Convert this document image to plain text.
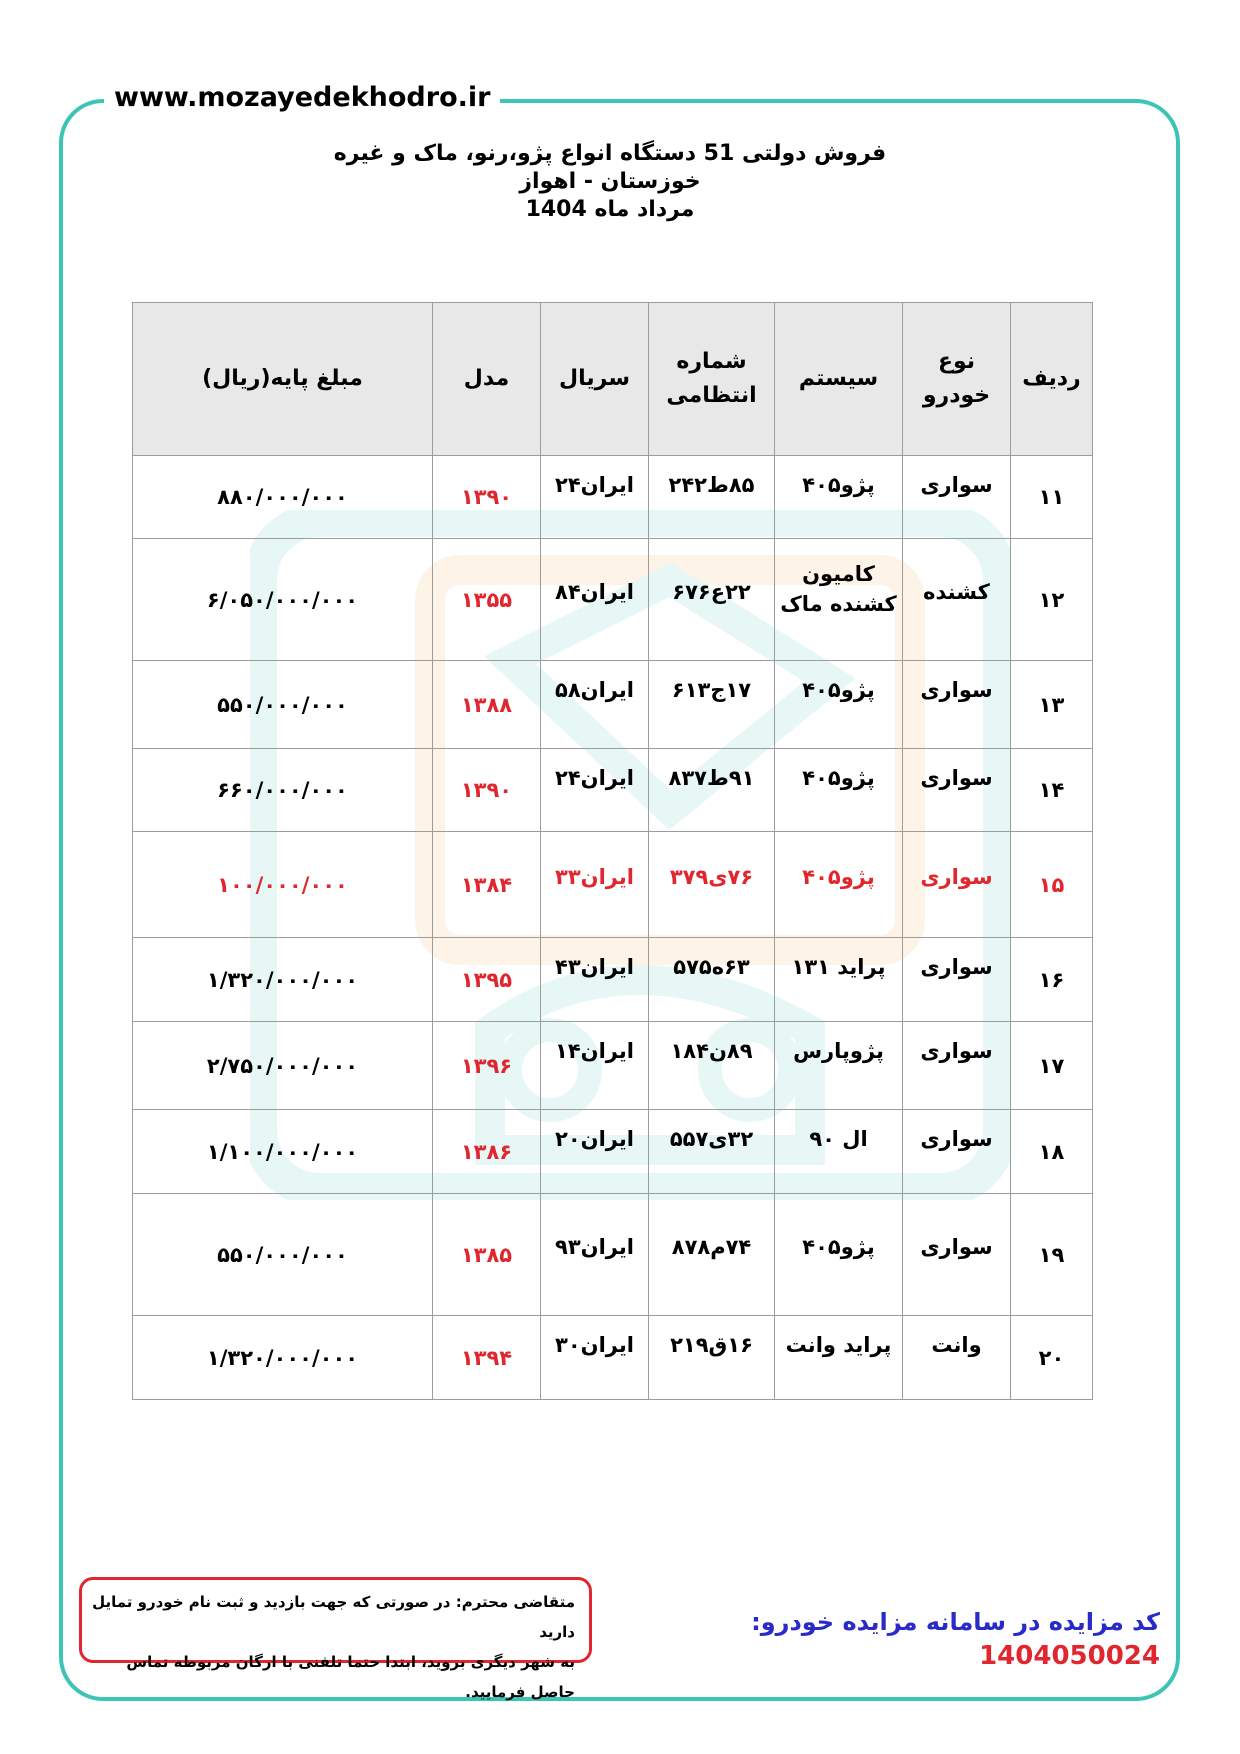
www.mozayedekhodro.ir
فروش دولتی 51 دستگاه انواع پژو،رنو، ماک و غیره
خوزستان - اهواز
مرداد ماه 1404
ردیف	نوع خودرو	سیستم	شماره انتظامی	سریال	مدل	مبلغ پایه(ریال)
۱۱	سواری	پژو۴۰۵	۸۵ط۲۴۲	ایران۲۴	۱۳۹۰	۸۸۰/۰۰۰/۰۰۰
۱۲	کشنده	کامیون کشنده ماک	۲۲ع۶۷۶	ایران۸۴	۱۳۵۵	۶/۰۵۰/۰۰۰/۰۰۰
۱۳	سواری	پژو۴۰۵	۱۷ج۶۱۳	ایران۵۸	۱۳۸۸	۵۵۰/۰۰۰/۰۰۰
۱۴	سواری	پژو۴۰۵	۹۱ط۸۳۷	ایران۲۴	۱۳۹۰	۶۶۰/۰۰۰/۰۰۰
۱۵	سواری	پژو۴۰۵	۷۶ی۳۷۹	ایران۳۳	۱۳۸۴	۱۰۰/۰۰۰/۰۰۰
۱۶	سواری	پراید ۱۳۱	۶۳ه۵۷۵	ایران۴۳	۱۳۹۵	۱/۳۲۰/۰۰۰/۰۰۰
۱۷	سواری	پژوپارس	۸۹ن۱۸۴	ایران۱۴	۱۳۹۶	۲/۷۵۰/۰۰۰/۰۰۰
۱۸	سواری	ال ۹۰	۳۲ی۵۵۷	ایران۲۰	۱۳۸۶	۱/۱۰۰/۰۰۰/۰۰۰
۱۹	سواری	پژو۴۰۵	۷۴م۸۷۸	ایران۹۳	۱۳۸۵	۵۵۰/۰۰۰/۰۰۰
۲۰	وانت	پراید وانت	۱۶ق۲۱۹	ایران۳۰	۱۳۹۴	۱/۳۲۰/۰۰۰/۰۰۰
متقاضی محترم: در صورتی که جهت بازدید و ثبت نام خودرو تمایل دارید
به شهر دیگری بروید، ابتدا حتما تلفنی با ارگان مربوطه تماس حاصل فرمایید.
کد مزایده در سامانه مزایده خودرو: 1404050024
